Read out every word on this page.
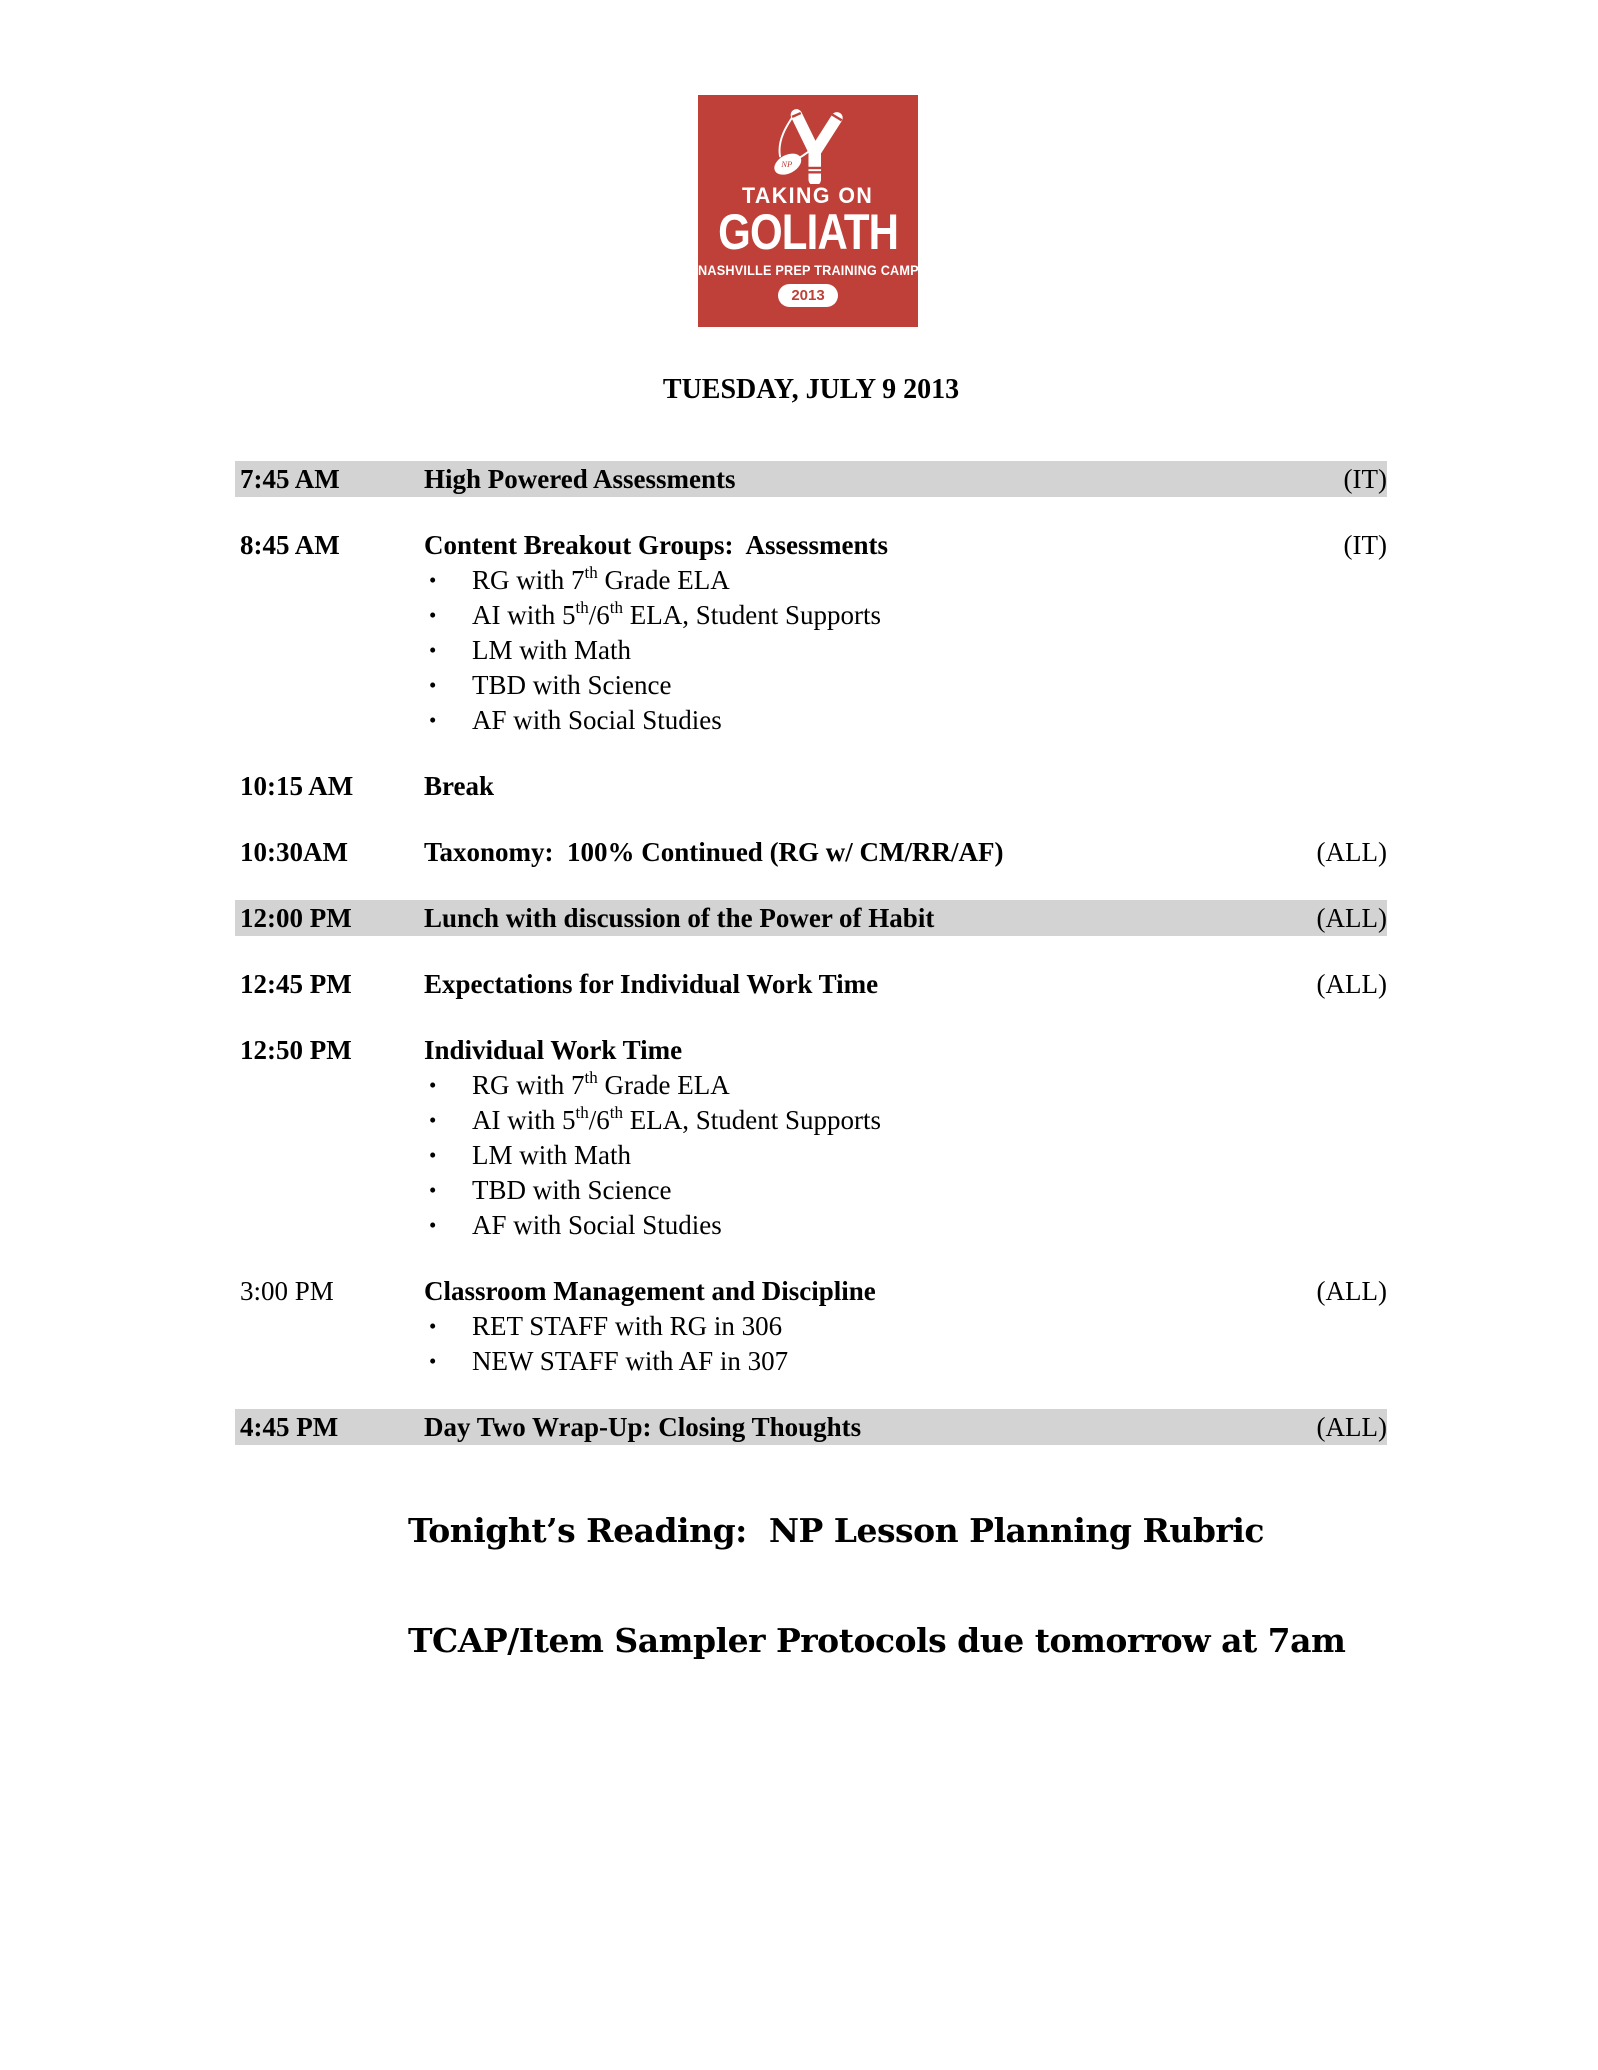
NP
TAKING ON
GOLIATH
NASHVILLE PREP TRAINING CAMP
2013
TUESDAY, JULY 9 2013
7:45 AM	High Powered Assessments	(IT)
8:45 AM	Content Breakout Groups:  Assessments	(IT)
• RG with 7th Grade ELA
• AI with 5th/6th ELA, Student Supports
• LM with Math
• TBD with Science
• AF with Social Studies
10:15 AM	Break
10:30AM	Taxonomy:  100% Continued (RG w/ CM/RR/AF)	(ALL)
12:00 PM	Lunch with discussion of the Power of Habit	(ALL)
12:45 PM	Expectations for Individual Work Time	(ALL)
12:50 PM	Individual Work Time
• RG with 7th Grade ELA
• AI with 5th/6th ELA, Student Supports
• LM with Math
• TBD with Science
• AF with Social Studies
3:00 PM	Classroom Management and Discipline	(ALL)
• RET STAFF with RG in 306
• NEW STAFF with AF in 307
4:45 PM	Day Two Wrap-Up: Closing Thoughts	(ALL)
Tonight’s Reading:  NP Lesson Planning Rubric
TCAP/Item Sampler Protocols due tomorrow at 7am
